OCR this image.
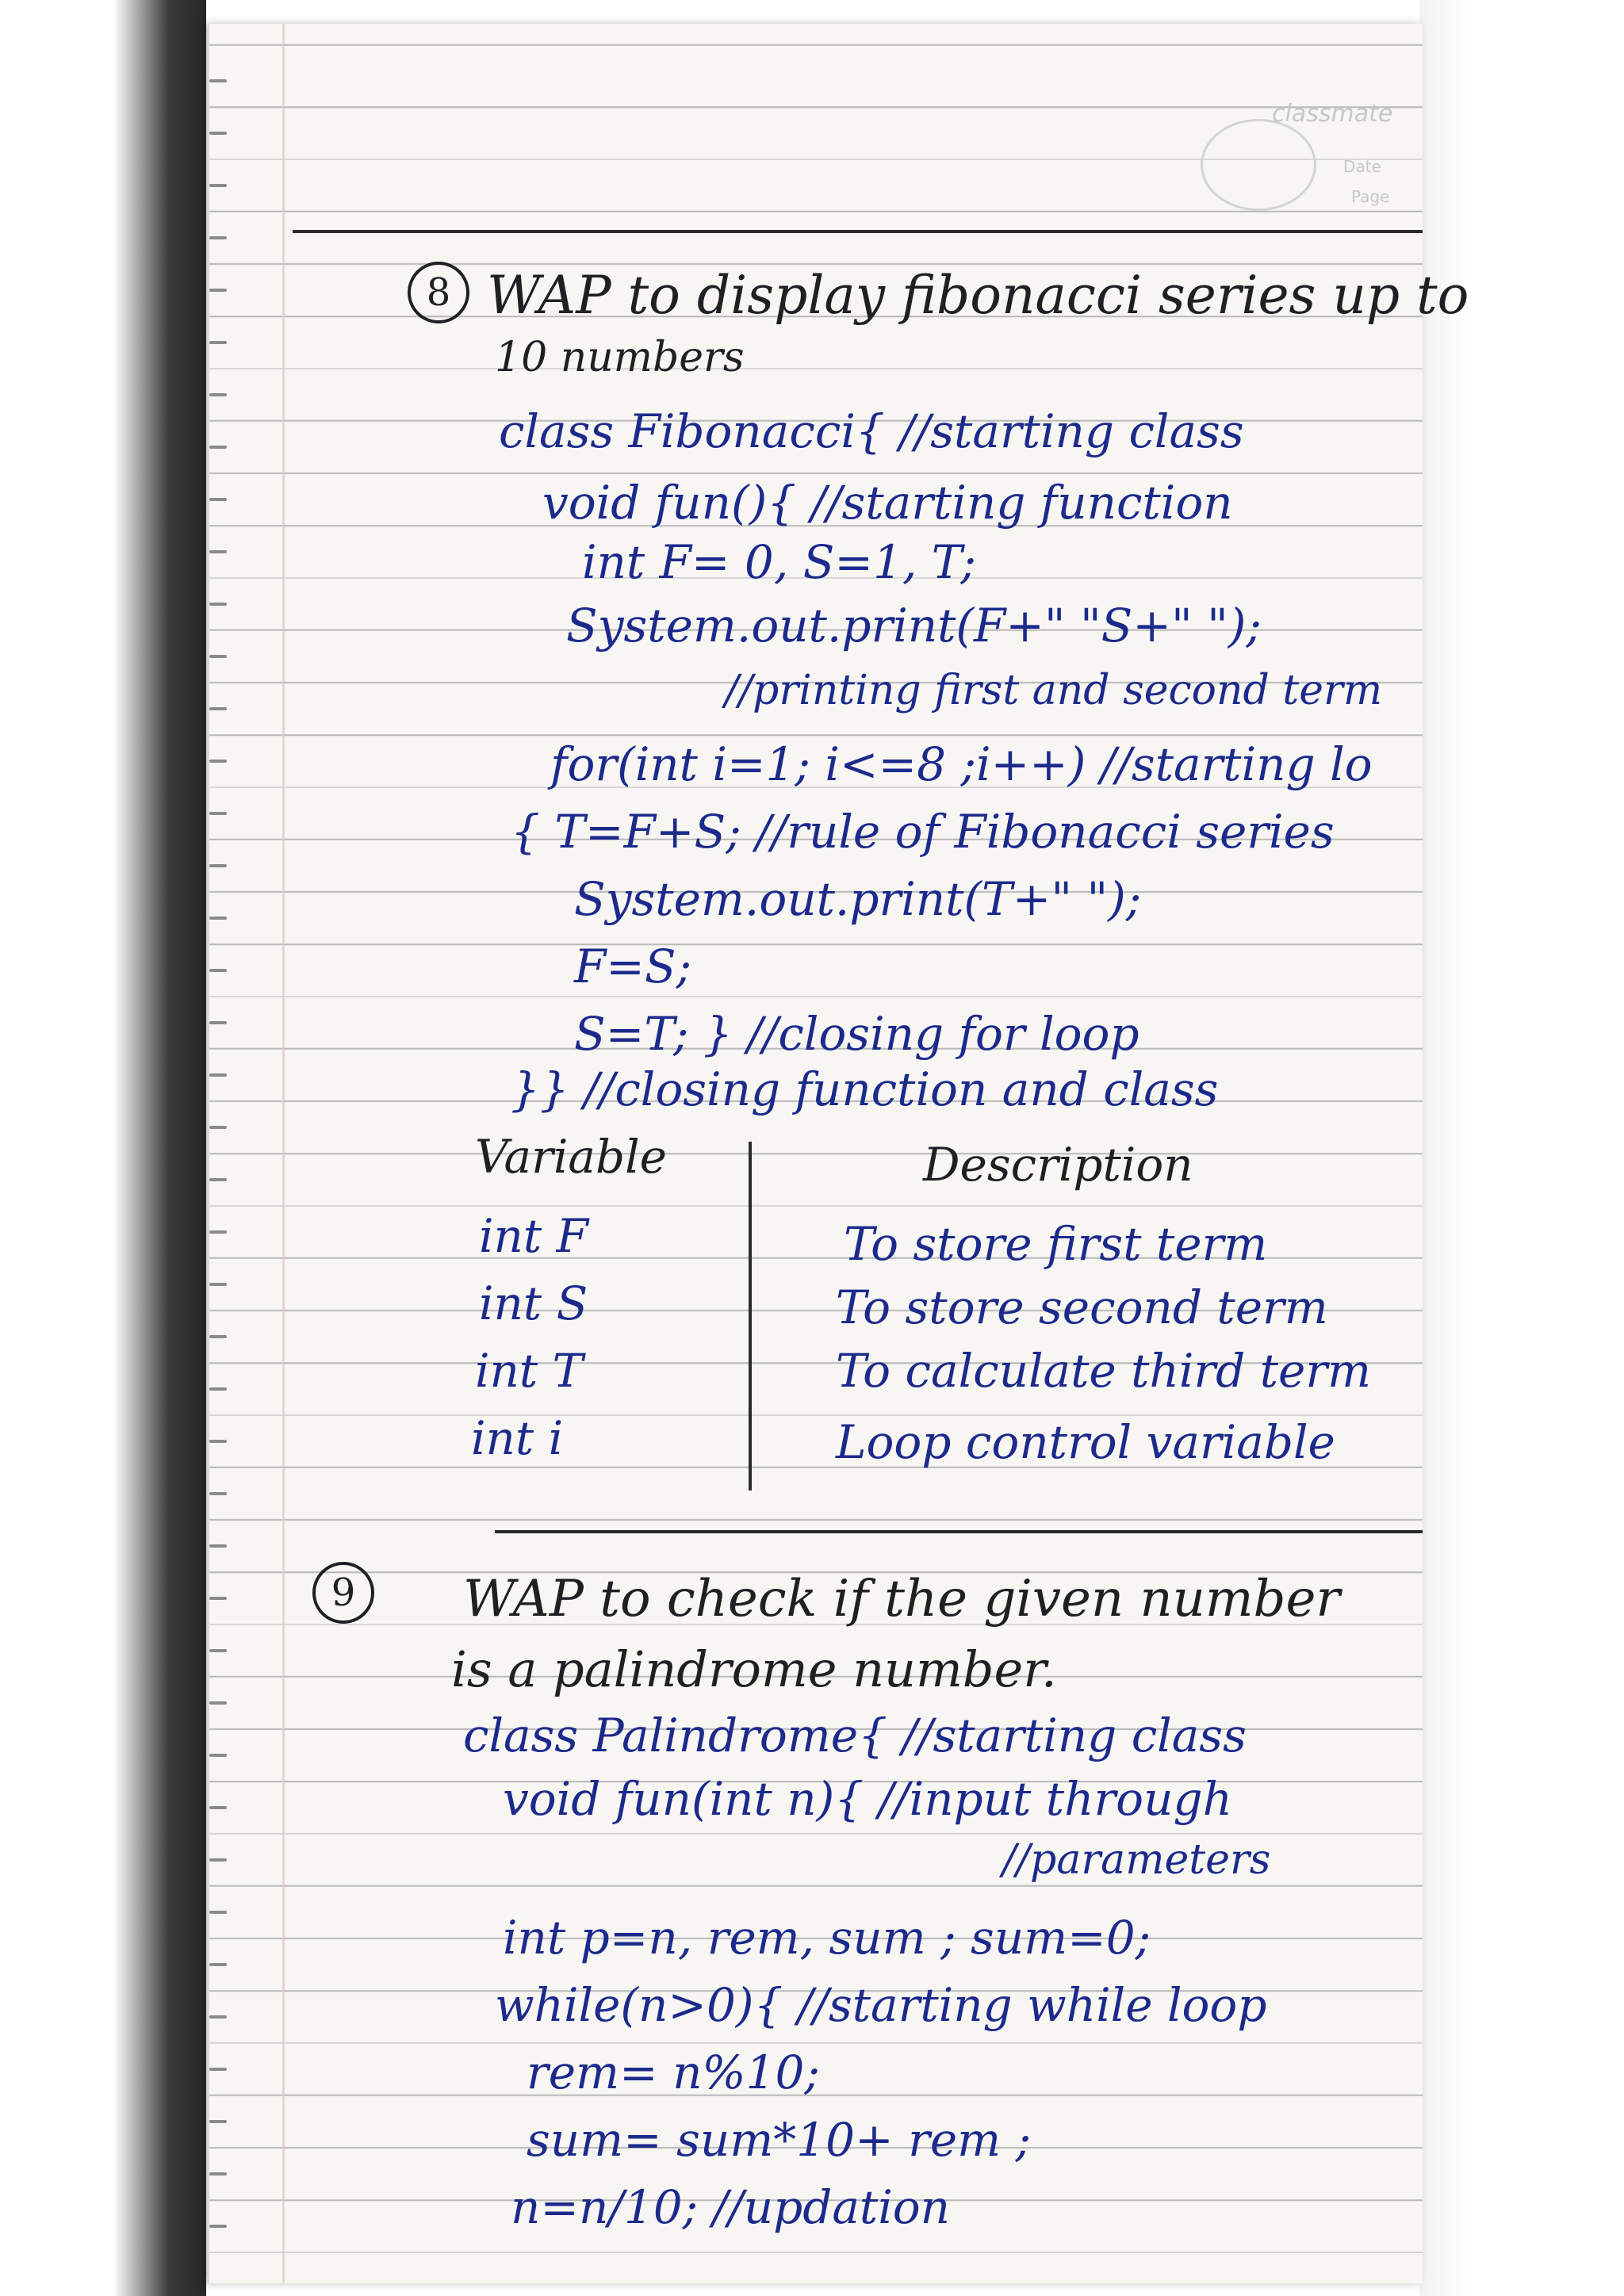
classmate
Date
Page
8 WAP to display fibonacci series up to
10 numbers
class Fibonacci{ //starting class
void fun(){ //starting function
int F= 0, S=1, T;
System.out.print(F+" "S+" ");
//printing first and second term
for(int i=1; i<=8 ;i++) //starting lo
{ T=F+S; //rule of Fibonacci series
System.out.print(T+" ");
F=S;
S=T; } //closing for loop
}} //closing function and class
Variable	Description
int F	To store first term
int S	To store second term
int T	To calculate third term
int i	Loop control variable
9	WAP to check if the given number
is a palindrome number.
class Palindrome{ //starting class
void fun(int n){ //input through
//parameters
int p=n, rem, sum ; sum=0;
while(n>0){ //starting while loop
rem= n%10;
sum= sum*10+ rem ;
n=n/10; //updation
